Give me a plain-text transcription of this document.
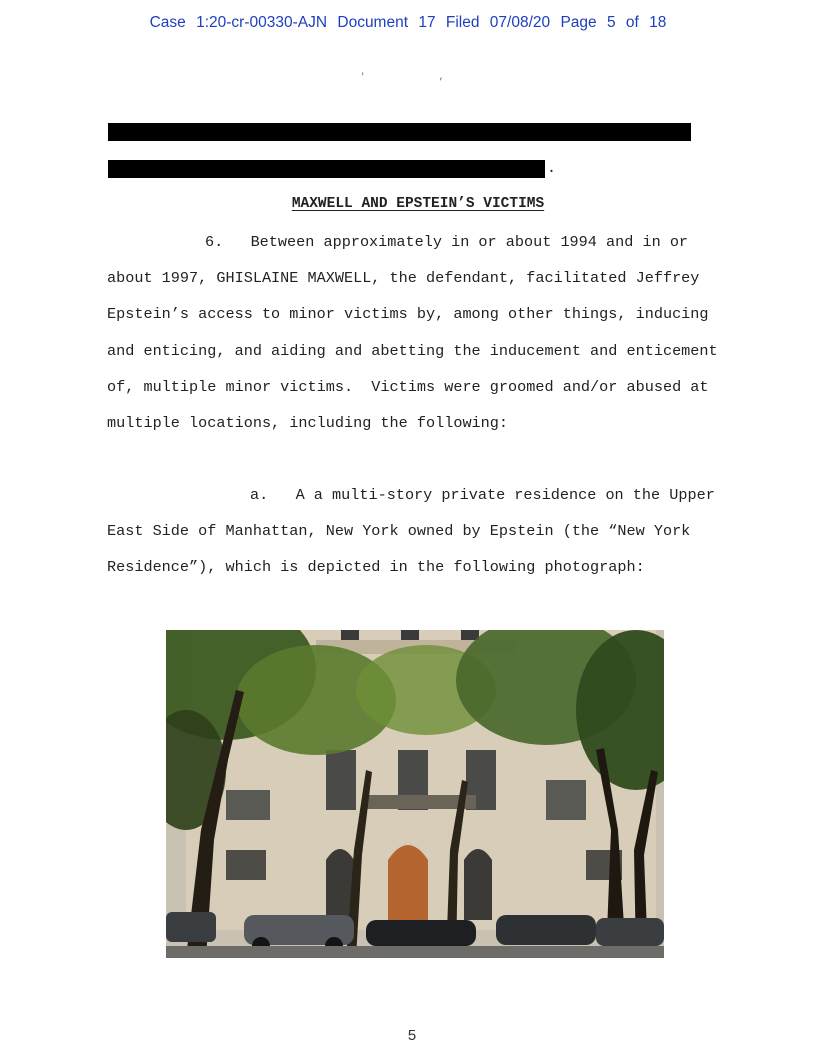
Case 1:20-cr-00330-AJN Document 17 Filed 07/08/20 Page 5 of 18
' ,
.
MAXWELL AND EPSTEIN’S VICTIMS

6.   Between approximately in or about 1994 and in or about 1997, GHISLAINE MAXWELL, the defendant, facilitated Jeffrey Epstein’s access to minor victims by, among other things, inducing and enticing, and aiding and abetting the inducement and enticement of, multiple minor victims.  Victims were groomed and/or abused at multiple locations, including the following:

a.   A a multi-story private residence on the Upper East Side of Manhattan, New York owned by Epstein (the “New York Residence”), which is depicted in the following photograph:

5
